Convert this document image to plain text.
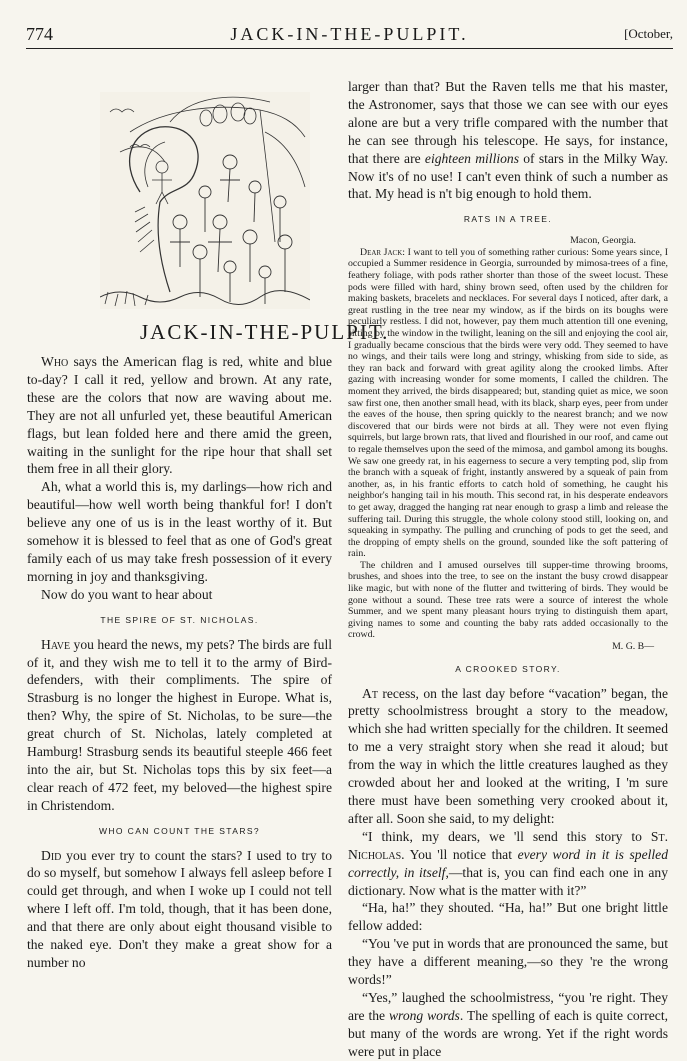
774	JACK-IN-THE-PULPIT.	[October,
JACK-IN-THE-PULPIT.

Who says the American flag is red, white and blue to-day? I call it red, yellow and brown. At any rate, these are the colors that now are waving about me. They are not all unfurled yet, these beautiful American flags, but lean folded here and there amid the green, waiting in the sunlight for the ripe hour that shall set them free in all their glory.

Ah, what a world this is, my darlings—how rich and beautiful—how well worth being thankful for! I don't believe any one of us is in the least worthy of it. But somehow it is blessed to feel that as one of God's great family each of us may take fresh possession of it every morning in joy and thanksgiving.

Now do you want to hear about

THE SPIRE OF ST. NICHOLAS.

Have you heard the news, my pets? The birds are full of it, and they wish me to tell it to the army of Bird-defenders, with their compliments. The spire of Strasburg is no longer the highest in Europe. What is, then? Why, the spire of St. Nicholas, to be sure—the great church of St. Nicholas, lately completed at Hamburg! Strasburg sends its beautiful steeple 466 feet into the air, but St. Nicholas tops this by six feet—a clear reach of 472 feet, my beloved—the highest spire in Christendom.

WHO CAN COUNT THE STARS?

Did you ever try to count the stars? I used to try to do so myself, but somehow I always fell asleep before I could get through, and when I woke up I could not tell where I left off. I'm told, though, that it has been done, and that there are only about eight thousand visible to the naked eye. Don't they make a great show for a number no

larger than that? But the Raven tells me that his master, the Astronomer, says that those we can see with our eyes alone are but a very trifle compared with the number that he can see through his telescope. He says, for instance, that there are eighteen millions of stars in the Milky Way. Now it's of no use! I can't even think of such a number as that. My head is n't big enough to hold them.

RATS IN A TREE.

Macon, Georgia.

Dear Jack: I want to tell you of something rather curious: Some years since, I occupied a Summer residence in Georgia, surrounded by mimosa-trees of a fine, feathery foliage, with pods rather shorter than those of the sweet locust. These pods were filled with hard, shiny brown seed, often used by the children for making baskets, bracelets and necklaces. For several days I noticed, after dark, a great rustling in the tree near my window, as if the birds on its boughs were peculiarly restless. I did not, however, pay them much attention till one evening, sitting by the window in the twilight, leaning on the sill and enjoying the cool air, I gradually became conscious that the birds were very odd. They seemed to have no wings, and their tails were long and stringy, whisking from side to side, as they ran back and forward with great agility along the crooked limbs. After gazing with increasing wonder for some moments, I called the children. The moment they arrived, the birds disappeared; but, standing quiet as mice, we soon saw first one, then another small head, with its black, sharp eyes, peer from under the eaves of the house, then spring quickly to the nearest branch; and we now discovered that our birds were not birds at all. They were not even flying squirrels, but large brown rats, that lived and flourished in our roof, and came out to regale themselves upon the seed of the mimosa, and gambol among its boughs. We saw one greedy rat, in his eagerness to secure a very tempting pod, slip from the branch with a squeak of fright, instantly answered by a squeak of pain from another, as, in his frantic efforts to catch hold of something, he caught his neighbor's hanging tail in his mouth. This second rat, in his desperate endeavors to get away, dragged the hanging rat near enough to grasp a limb and release the suffering tail. During this struggle, the whole colony stood still, looking on, and squeaking in sympathy. The pulling and crunching of pods to get the seed, and the dropping of empty shells on the ground, sounded like the soft pattering of rain.

The children and I amused ourselves till supper-time throwing brooms, brushes, and shoes into the tree, to see on the instant the busy crowd disappear like magic, but with none of the flutter and twittering of birds. They would be gone without a sound. These tree rats were a source of interest the whole Summer, and we spent many pleasant hours trying to distinguish them apart, giving names to some and counting the baby rats added occasionally to the crowd.

M. G. B—

A CROOKED STORY.

At recess, on the last day before “vacation” began, the pretty schoolmistress brought a story to the meadow, which she had written specially for the children. It seemed to me a very straight story when she read it aloud; but from the way in which the little creatures laughed as they crowded about her and looked at the writing, I 'm sure there must have been something very crooked about it, after all. Soon she said, to my delight:

“I think, my dears, we 'll send this story to St. Nicholas. You 'll notice that every word in it is spelled correctly, in itself,—that is, you can find each one in any dictionary. Now what is the matter with it?”

“Ha, ha!” they shouted. “Ha, ha!” But one bright little fellow added:

“You 've put in words that are pronounced the same, but they have a different meaning,—so they 're the wrong words!”

“Yes,” laughed the schoolmistress, “you 're right. They are the wrong words. The spelling of each is quite correct, but many of the words are wrong. Yet if the right words were put in place
